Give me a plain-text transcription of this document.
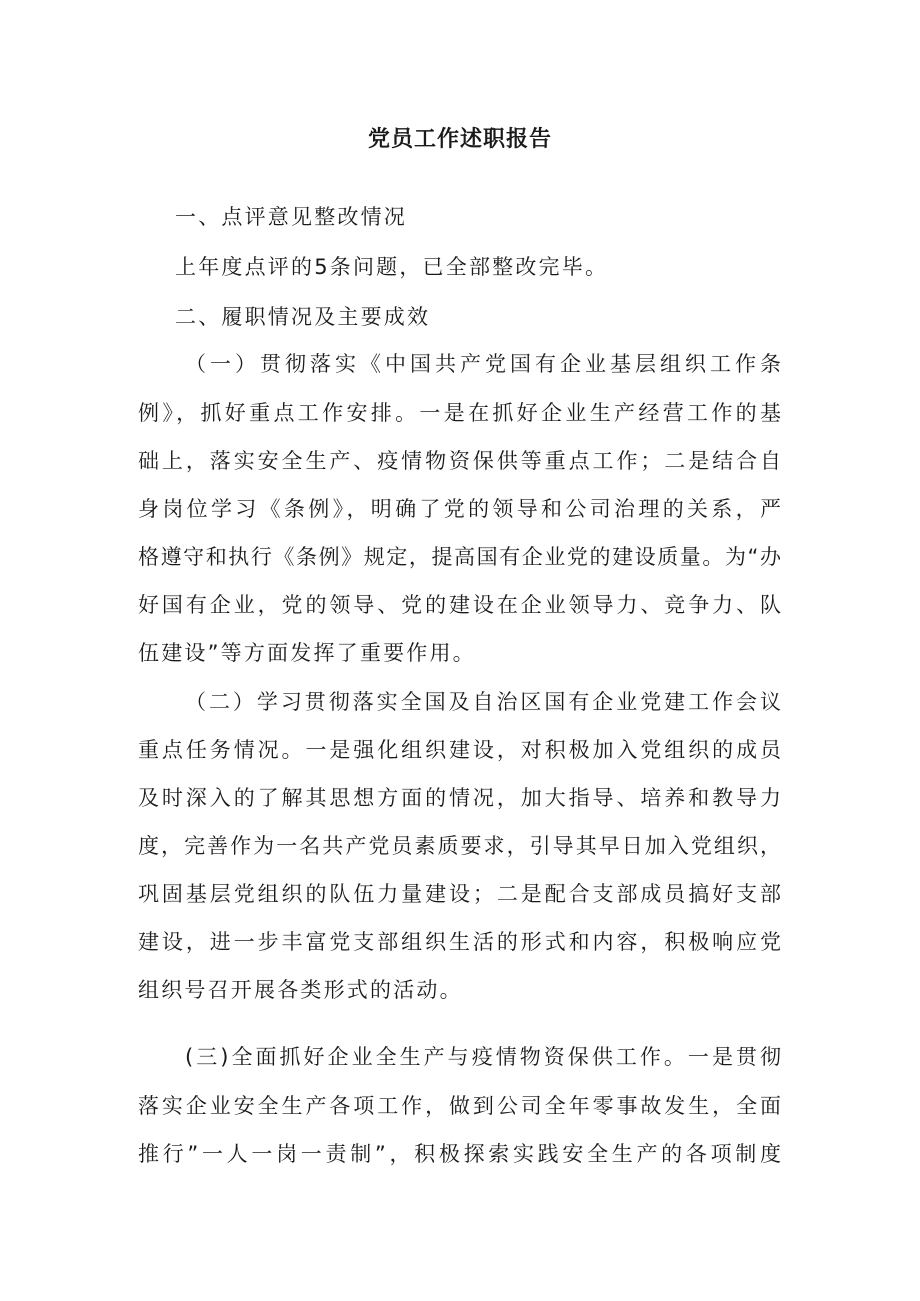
党员工作述职报告
一、点评意见整改情况
上年度点评的5条问题，已全部整改完毕。
二、履职情况及主要成效
（一）贯彻落实《中国共产党国有企业基层组织工作条
例》，抓好重点工作安排。一是在抓好企业生产经营工作的基
础上，落实安全生产、疫情物资保供等重点工作；二是结合自
身岗位学习《条例》，明确了党的领导和公司治理的关系，严
格遵守和执行《条例》规定，提高国有企业党的建设质量。为“办
好国有企业，党的领导、党的建设在企业领导力、竞争力、队
伍建设”等方面发挥了重要作用。
（二）学习贯彻落实全国及自治区国有企业党建工作会议
重点任务情况。一是强化组织建设，对积极加入党组织的成员
及时深入的了解其思想方面的情况，加大指导、培养和教导力
度，完善作为一名共产党员素质要求，引导其早日加入党组织，
巩固基层党组织的队伍力量建设；二是配合支部成员搞好支部
建设，进一步丰富党支部组织生活的形式和内容，积极响应党
组织号召开展各类形式的活动。
(三)全面抓好企业全生产与疫情物资保供工作。一是贯彻
落实企业安全生产各项工作，做到公司全年零事故发生，全面
推行”一人一岗一责制”，积极探索实践安全生产的各项制度
